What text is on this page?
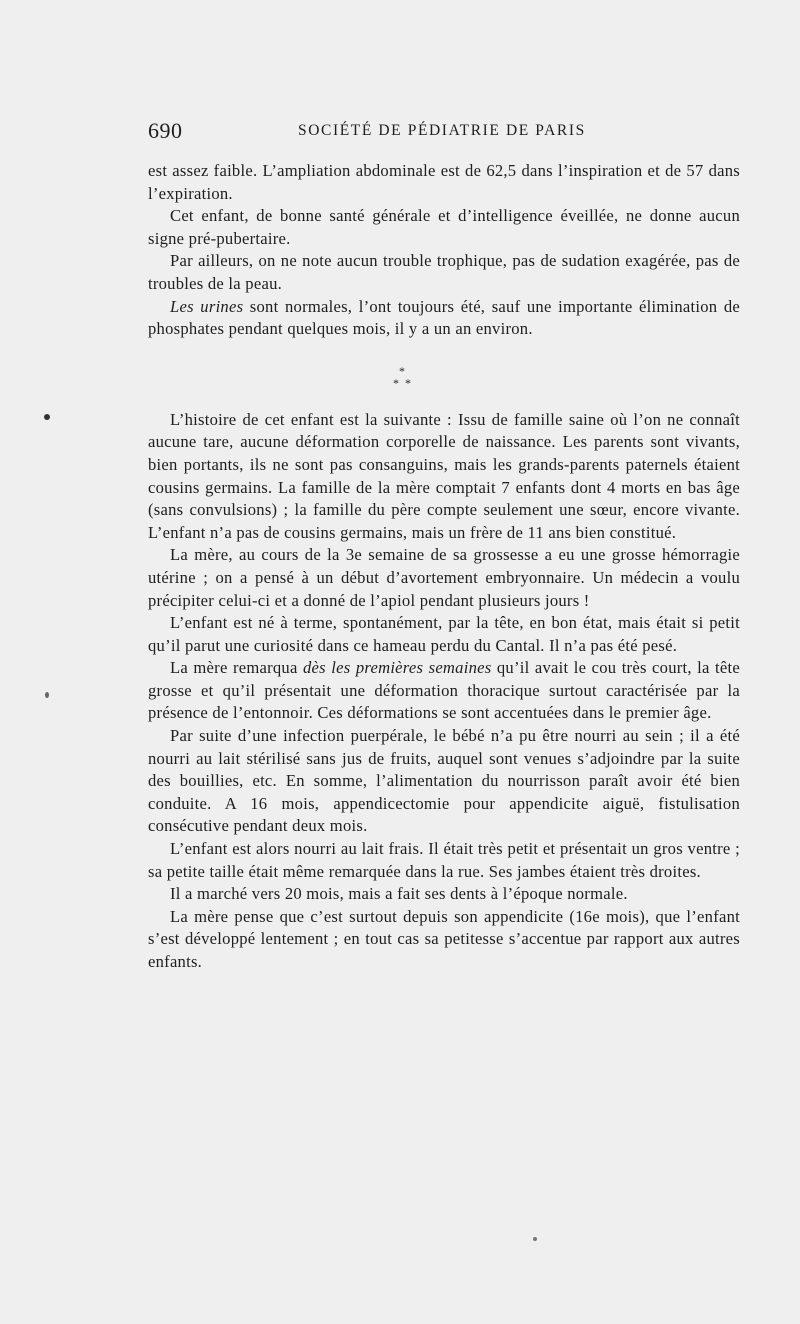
690	SOCIÉTÉ DE PÉDIATRIE DE PARIS

est assez faible. L’ampliation abdominale est de 62,5 dans l’inspiration et de 57 dans l’expiration.

Cet enfant, de bonne santé générale et d’intelligence éveillée, ne donne aucun signe pré-pubertaire.

Par ailleurs, on ne note aucun trouble trophique, pas de sudation exagérée, pas de troubles de la peau.

Les urines sont normales, l’ont toujours été, sauf une importante élimination de phosphates pendant quelques mois, il y a un an environ.

*
* *

L’histoire de cet enfant est la suivante : Issu de famille saine où l’on ne connaît aucune tare, aucune déformation corporelle de naissance. Les parents sont vivants, bien portants, ils ne sont pas consanguins, mais les grands-parents paternels étaient cousins germains. La famille de la mère comptait 7 enfants dont 4 morts en bas âge (sans convulsions) ; la famille du père compte seulement une sœur, encore vivante. L’enfant n’a pas de cousins germains, mais un frère de 11 ans bien constitué.

La mère, au cours de la 3e semaine de sa grossesse a eu une grosse hémorragie utérine ; on a pensé à un début d’avortement embryonnaire. Un médecin a voulu précipiter celui-ci et a donné de l’apiol pendant plusieurs jours !

L’enfant est né à terme, spontanément, par la tête, en bon état, mais était si petit qu’il parut une curiosité dans ce hameau perdu du Cantal. Il n’a pas été pesé.

La mère remarqua dès les premières semaines qu’il avait le cou très court, la tête grosse et qu’il présentait une déformation thoracique surtout caractérisée par la présence de l’entonnoir. Ces déformations se sont accentuées dans le premier âge.

Par suite d’une infection puerpérale, le bébé n’a pu être nourri au sein ; il a été nourri au lait stérilisé sans jus de fruits, auquel sont venues s’adjoindre par la suite des bouillies, etc. En somme, l’alimentation du nourrisson paraît avoir été bien conduite. A 16 mois, appendicectomie pour appendicite aiguë, fistulisation consécutive pendant deux mois.

L’enfant est alors nourri au lait frais. Il était très petit et présentait un gros ventre ; sa petite taille était même remarquée dans la rue. Ses jambes étaient très droites.

Il a marché vers 20 mois, mais a fait ses dents à l’époque normale.

La mère pense que c’est surtout depuis son appendicite (16e mois), que l’enfant s’est développé lentement ; en tout cas sa petitesse s’accentue par rapport aux autres enfants.
